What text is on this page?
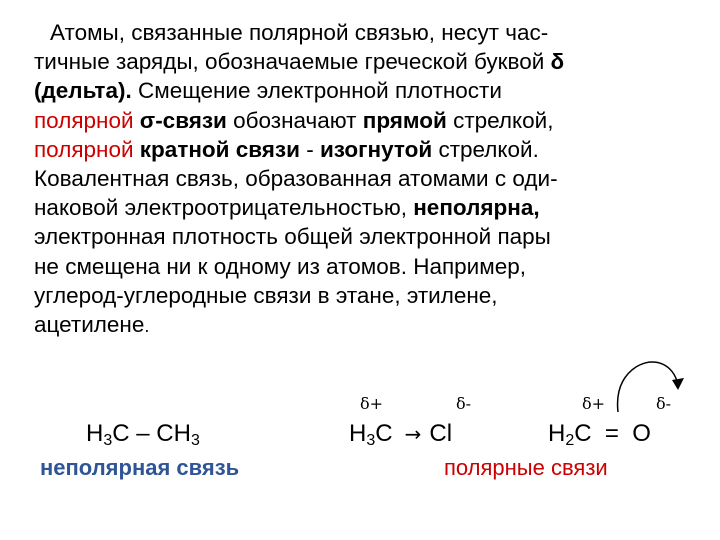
Атомы, связанные полярной связью, несут час-
тичные заряды, обозначаемые греческой буквой δ
(дельта). Смещение электронной плотности
полярной σ-связи обозначают прямой стрелкой,
полярной кратной связи - изогнутой стрелкой.
Ковалентная связь, образованная атомами с оди-
наковой электроотрицательностью, неполярна,
электронная плотность общей электронной пары
не смещена ни к одному из атомов. Например,
углерод-углеродные связи в этане, этилене,
ацетилене.
$H_3C - CH_3$
неполярная связь
δ+	δ-
$H_3C \to Cl$
δ+	δ-
$H_2C = O$
полярные связи
